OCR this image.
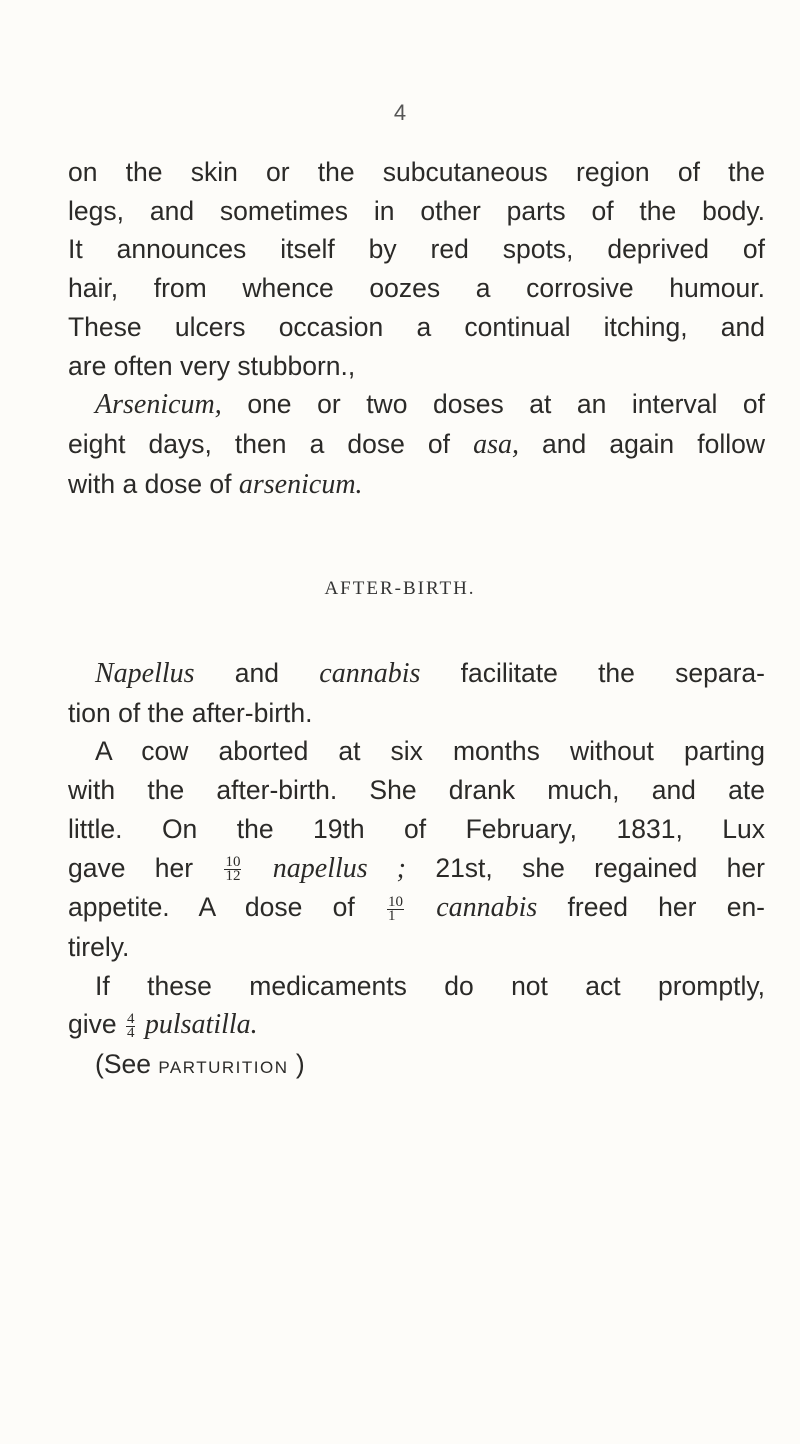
4
on the skin or the subcutaneous region of the
legs, and sometimes in other parts of the body.
It announces itself by red spots, deprived of
hair, from whence oozes a corrosive humour.
These ulcers occasion a continual itching, and
are often very stubborn.,
Arsenicum, one or two doses at an interval of
eight days, then a dose of asa, and again follow
with a dose of arsenicum.
AFTER-BIRTH.
Napellus and cannabis facilitate the separa-
tion of the after-birth.
A cow aborted at six months without parting
with the after-birth. She drank much, and ate
little. On the 19th of February, 1831, Lux
gave her $\frac{10}{12}$ napellus ; 21st, she regained her
appetite. A dose of $\frac{10}{1}$ cannabis freed her en-
tirely.
If these medicaments do not act promptly,
give $\frac{4}{4}$ pulsatilla.
(See PARTURITION )
